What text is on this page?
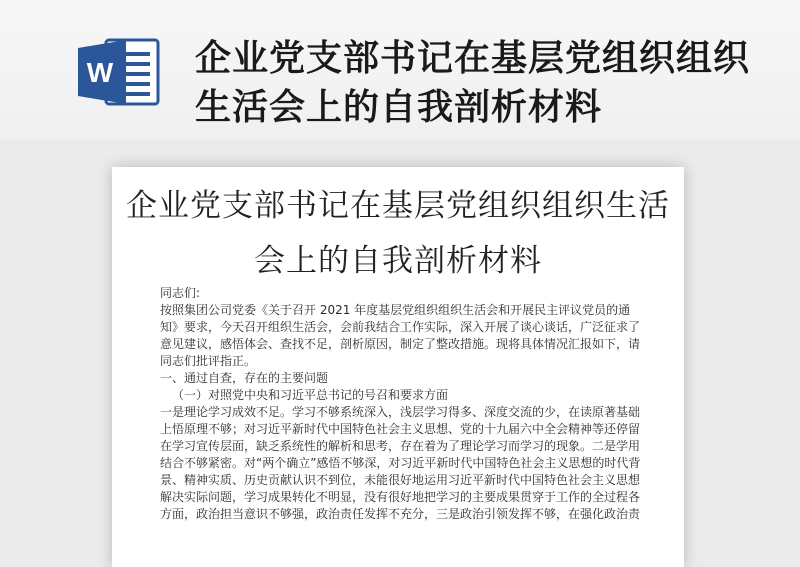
W 企业党支部书记在基层党组织组织生活会上的自我剖析材料
企业党支部书记在基层党组织组织生活会上的自我剖析材料

同志们:

按照集团公司党委《关于召开 2021 年度基层党组织组织生活会和开展民主评议党员的通知》要求，今天召开组织生活会，会前我结合工作实际，深入开展了谈心谈话，广泛征求了意见建议，感悟体会、查找不足，剖析原因，制定了整改措施。现将具体情况汇报如下，请同志们批评指正。

一、通过自查，存在的主要问题

（一）对照党中央和习近平总书记的号召和要求方面

一是理论学习成效不足。学习不够系统深入，浅层学习得多、深度交流的少，在读原著基础上悟原理不够；对习近平新时代中国特色社会主义思想、党的十九届六中全会精神等还停留在学习宣传层面，缺乏系统性的解析和思考，存在着为了理论学习而学习的现象。二是学用结合不够紧密。对“两个确立”感悟不够深，对习近平新时代中国特色社会主义思想的时代背景、精神实质、历史贡献认识不到位，未能很好地运用习近平新时代中国特色社会主义思想解决实际问题，学习成果转化不明显，没有很好地把学习的主要成果贯穿于工作的全过程各方面，政治担当意识不够强，政治责任发挥不充分，三是政治引领发挥不够，在强化政治责
